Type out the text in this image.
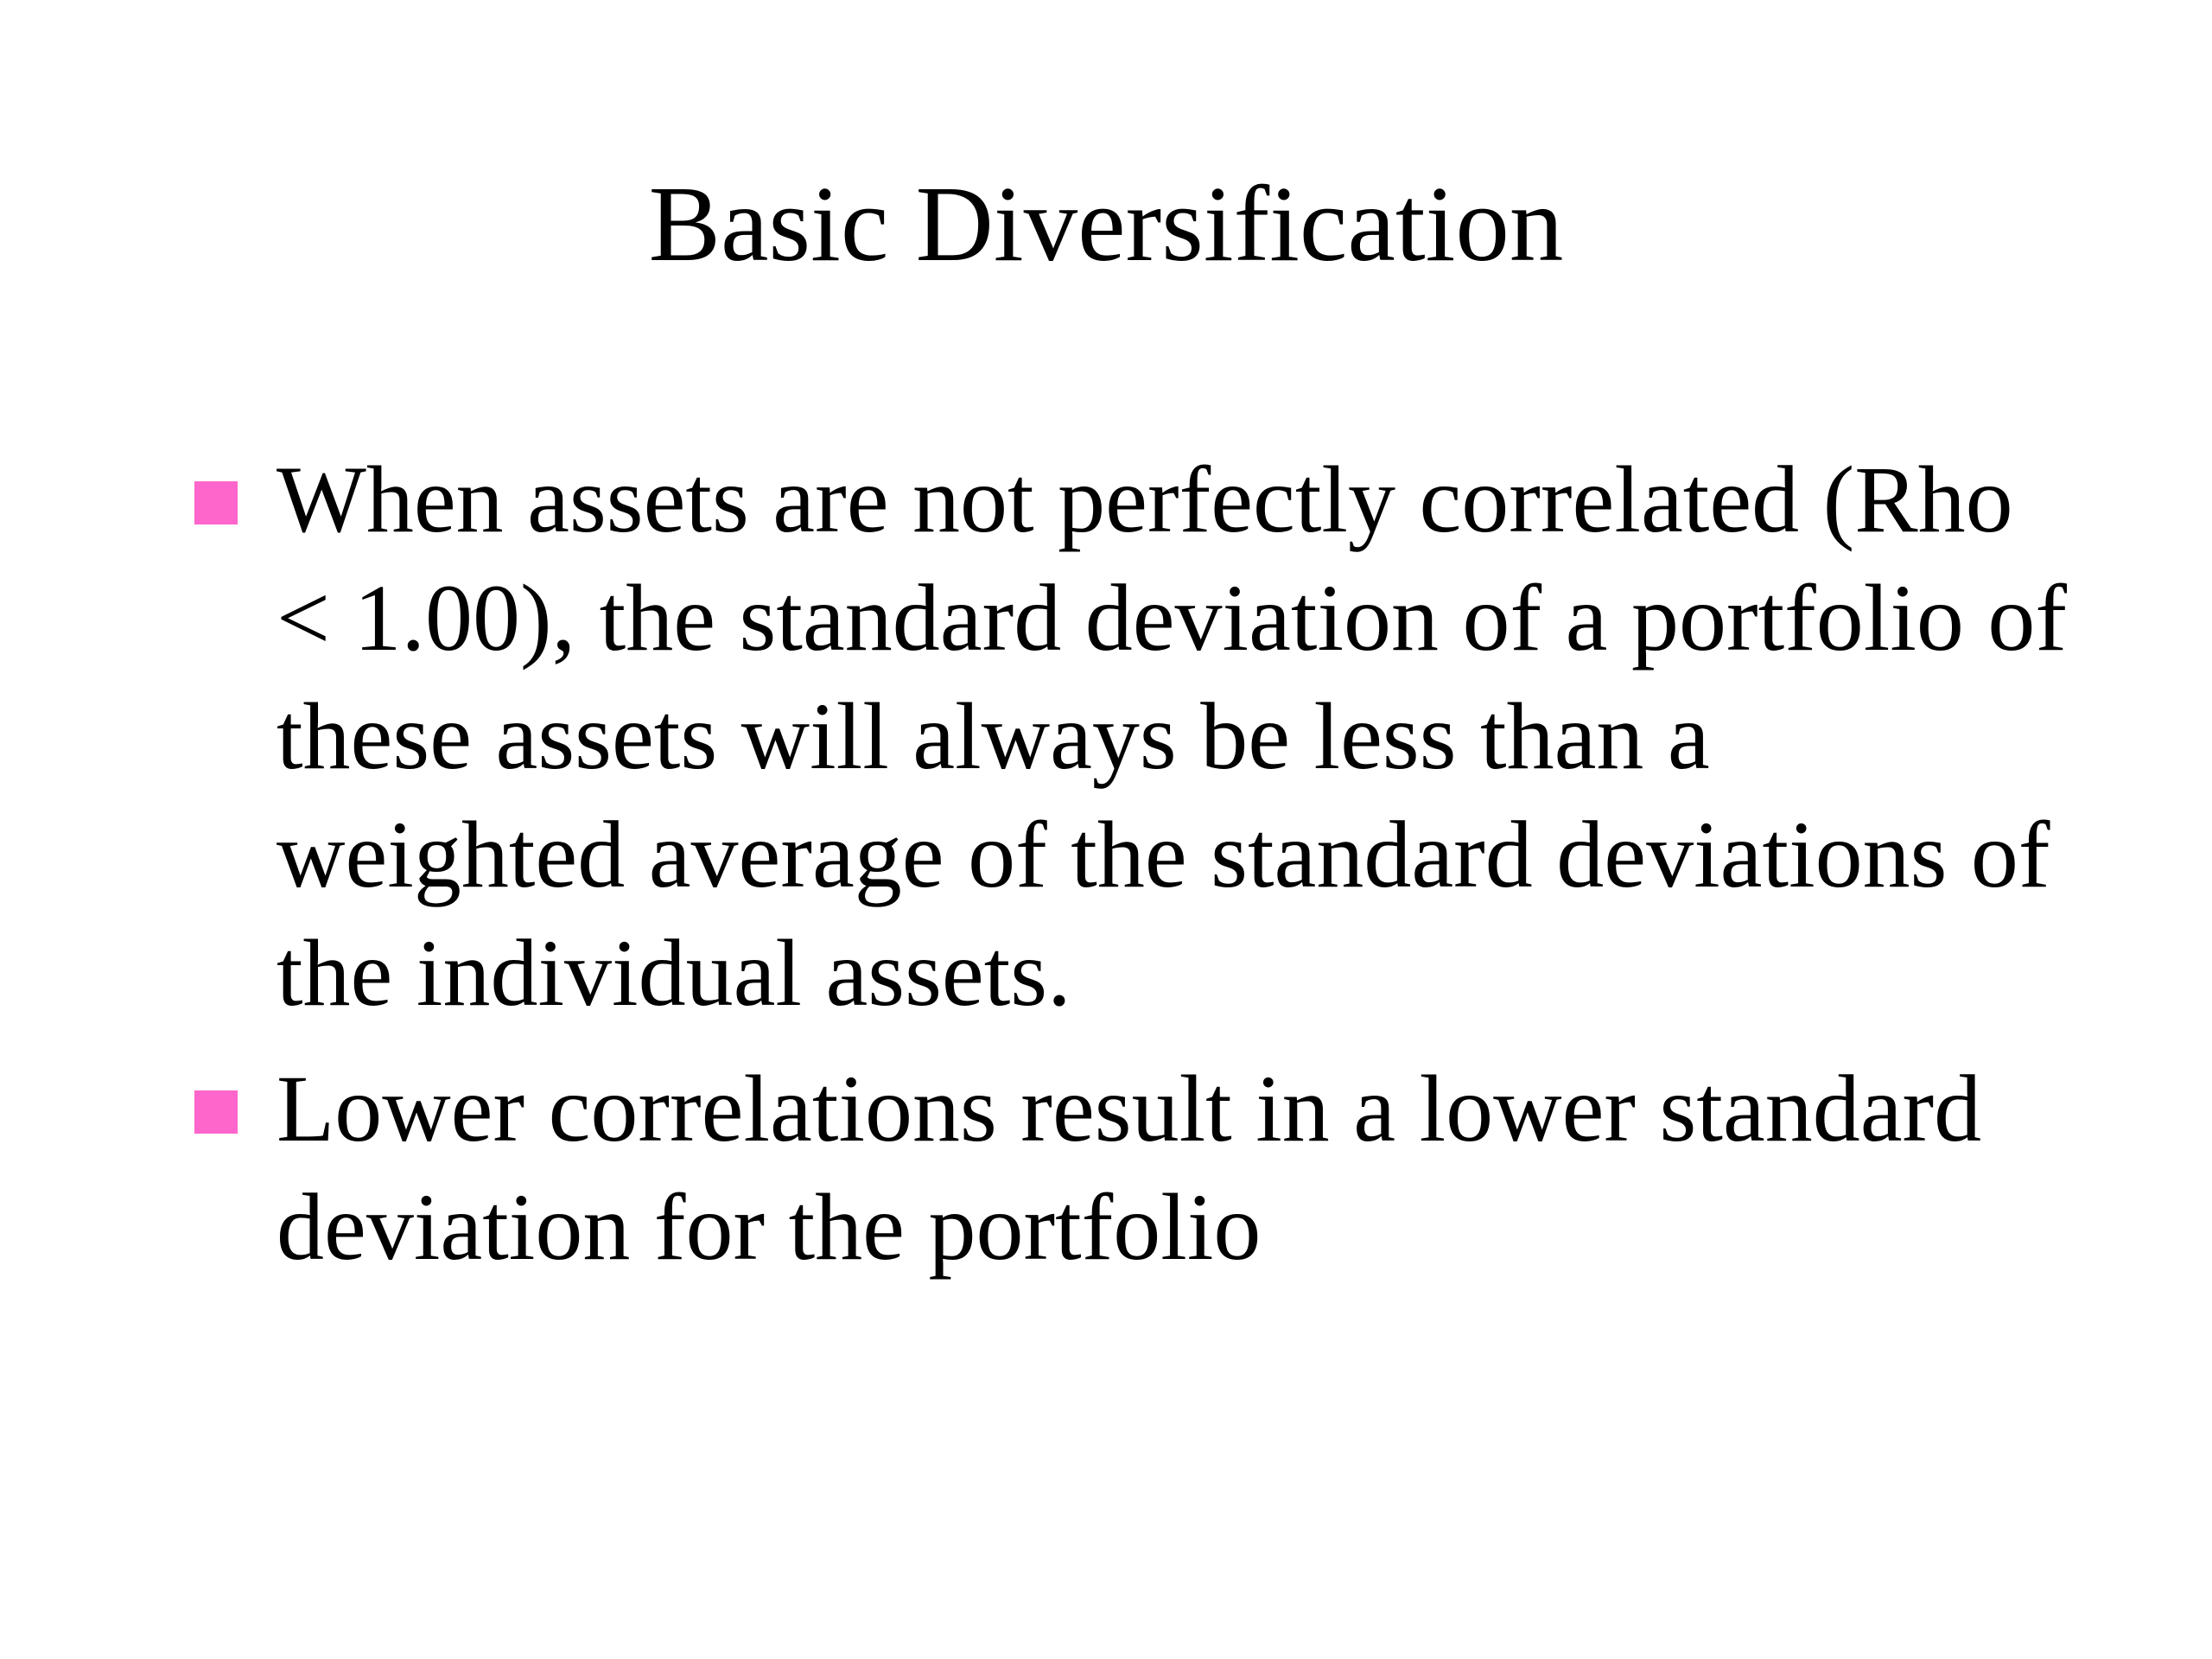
Basic Diversification
When assets are not perfectly correlated (Rho < 1.00), the standard deviation of a portfolio of these assets will always be less than a weighted average of the standard deviations of the individual assets.
Lower correlations result in a lower standard deviation for the portfolio
